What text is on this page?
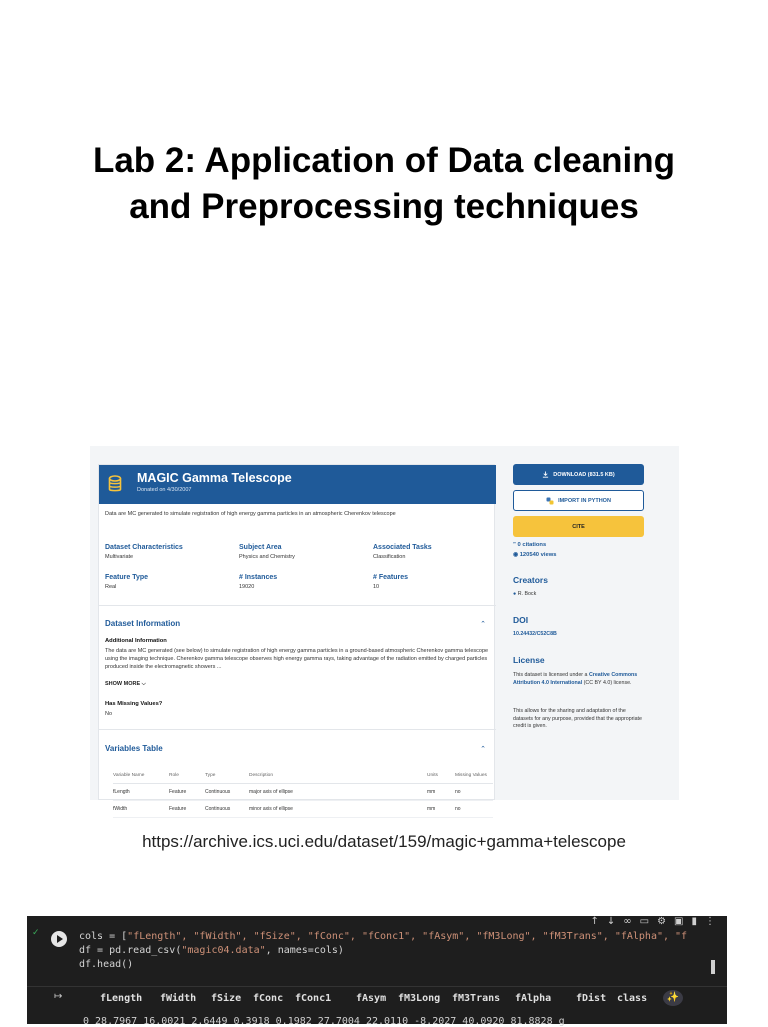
Lab 2: Application of Data cleaning
and Preprocessing techniques
MAGIC Gamma Telescope
Donated on 4/30/2007
Data are MC generated to simulate registration of high energy gamma particles in an atmospheric Cherenkov telescope
Dataset Characteristics
Multivariate
Subject Area
Physics and Chemistry
Associated Tasks
Classification
Feature Type
Real
# Instances
19020
# Features
10
Dataset Information	⌃
Additional Information
The data are MC generated (see below) to simulate registration of high energy gamma particles in a ground-based atmospheric Cherenkov gamma telescope using the imaging technique. Cherenkov gamma telescope observes high energy gamma rays, taking advantage of the radiation emitted by charged particles produced inside the electromagnetic showers ...
SHOW MORE ⌵
Has Missing Values?
No
Variables Table	⌃
Variable Name	Role	Type	Description	Units	Missing Values
fLength	Feature	Continuous	major axis of ellipse	mm	no
fWidth	Feature	Continuous	minor axis of ellipse	mm	no
DOWNLOAD (831.5 KB)
IMPORT IN PYTHON
CITE
” 0 citations
◉ 120540 views
Creators
● R. Bock
DOI
10.24432/C52C8B
License
This dataset is licensed under a Creative Commons Attribution 4.0 International (CC BY 4.0) license.
This allows for the sharing and adaptation of the datasets for any purpose, provided that the appropriate credit is given.
https://archive.ics.uci.edu/dataset/159/magic+gamma+telescope
↑ ↓ ∞ ▭ ⚙ ▣ ▮ ⋮
✓	cols = ["fLength", "fWidth", "fSize", "fConc", "fConc1", "fAsym", "fM3Long", "fM3Trans", "fAlpha", "f
df = pd.read_csv("magic04.data", names=cols)
df.head()
↦	fLength fWidth fSize fConc fConc1 fAsym fM3Long fM3Trans fAlpha fDist class	✨
0 28.7967 16.0021 2.6449 0.3918 0.1982 27.7004 22.0110 -8.2027 40.0920 81.8828 g
